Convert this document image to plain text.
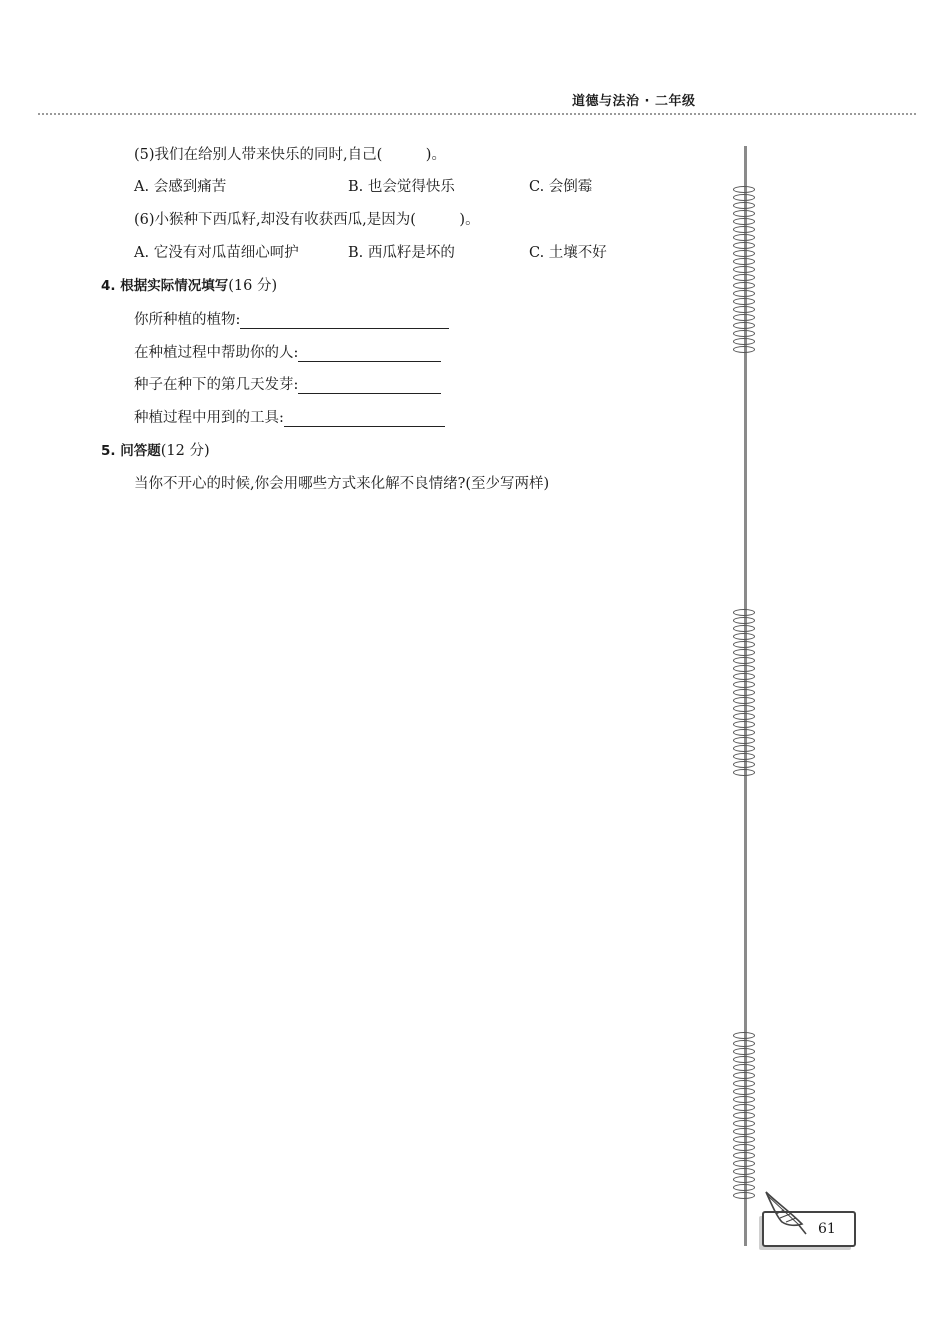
道德与法治 · 二年级
(5)我们在给别人带来快乐的同时,自己(　　　)。
A. 会感到痛苦	B. 也会觉得快乐	C. 会倒霉
(6)小猴种下西瓜籽,却没有收获西瓜,是因为(　　　)。
A. 它没有对瓜苗细心呵护	B. 西瓜籽是坏的	C. 土壤不好
4. 根据实际情况填写(16 分)
你所种植的植物:
在种植过程中帮助你的人:
种子在种下的第几天发芽:
种植过程中用到的工具:
5. 问答题(12 分)
当你不开心的时候,你会用哪些方式来化解不良情绪?(至少写两样)
61
